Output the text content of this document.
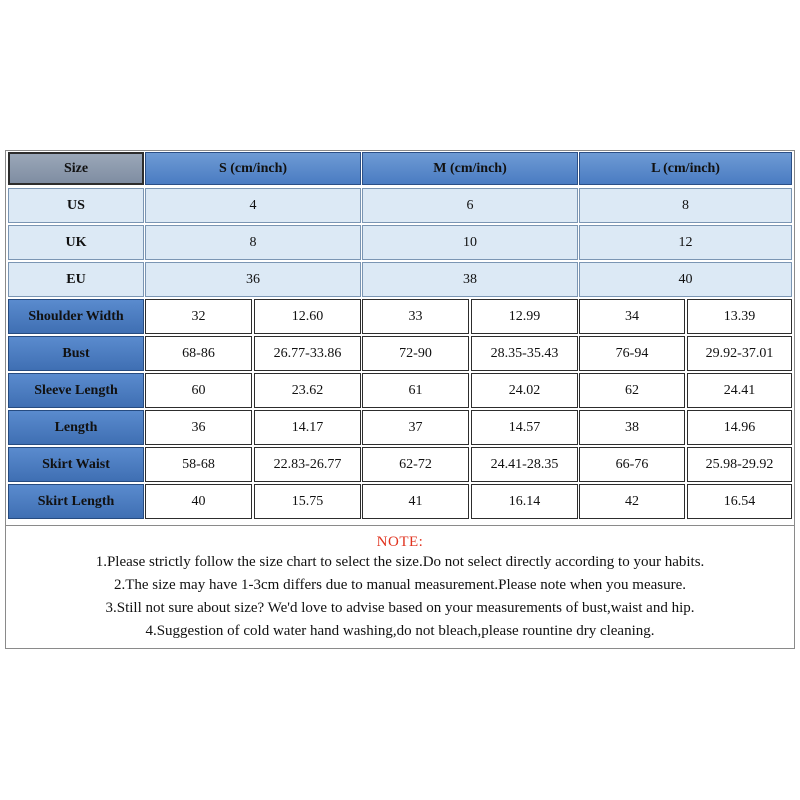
Size	S (cm/inch)	M (cm/inch)	L (cm/inch)
US	4	6	8
UK	8	10	12
EU	36	38	40
Shoulder Width	32	12.60	33	12.99	34	13.39
Bust	68-86	26.77-33.86	72-90	28.35-35.43	76-94	29.92-37.01
Sleeve Length	60	23.62	61	24.02	62	24.41
Length	36	14.17	37	14.57	38	14.96
Skirt Waist	58-68	22.83-26.77	62-72	24.41-28.35	66-76	25.98-29.92
Skirt Length	40	15.75	41	16.14	42	16.54
NOTE:
1.Please strictly follow the size chart to select the size.Do not select directly according to your habits.
2.The size may have 1-3cm differs due to manual measurement.Please note when you measure.
3.Still not sure about size? We'd love to advise based on your measurements of bust,waist and hip.
4.Suggestion of cold water hand washing,do not bleach,please rountine dry cleaning.
